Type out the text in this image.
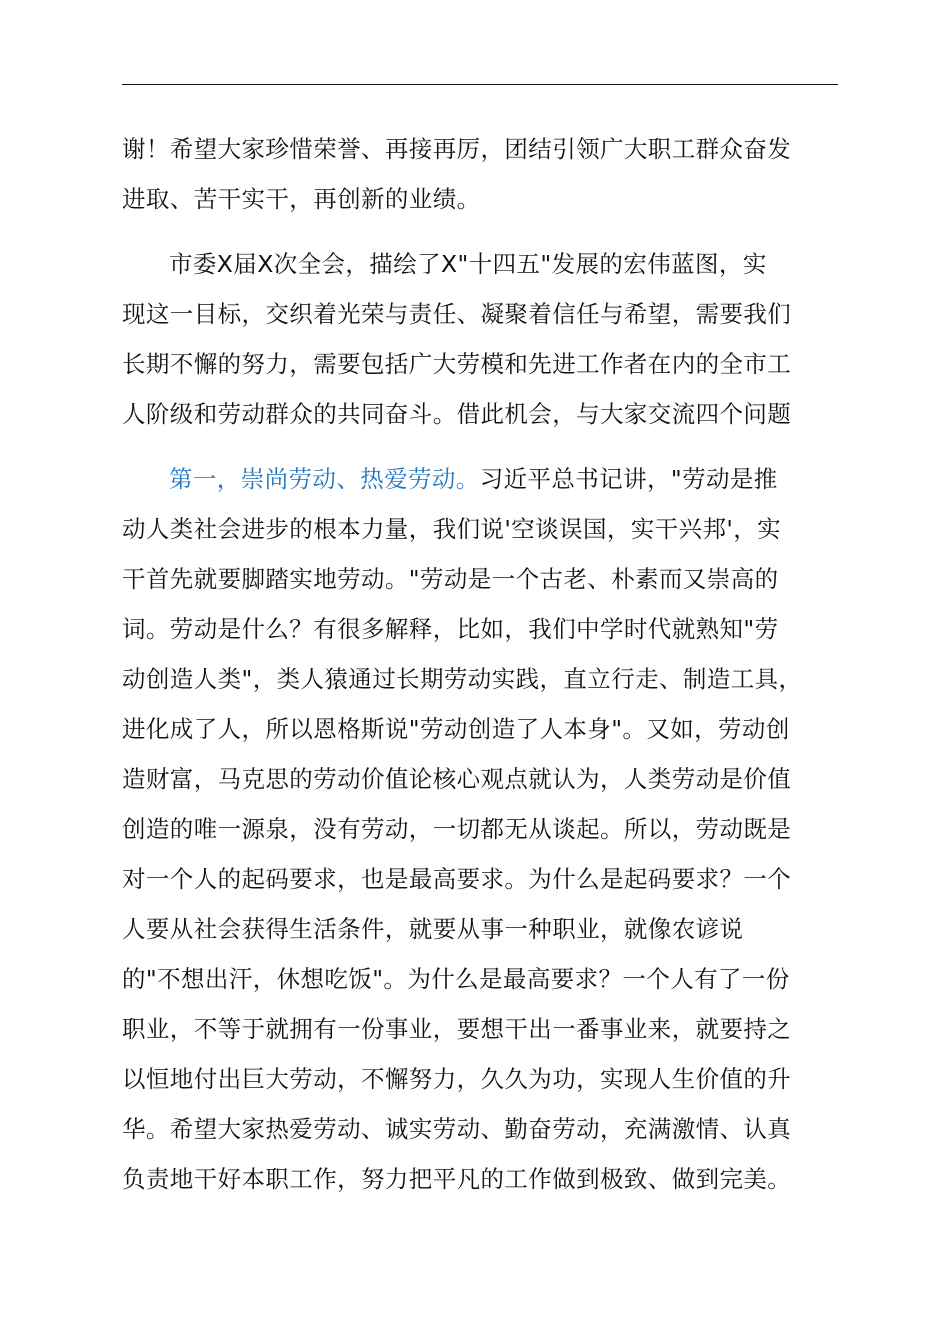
谢！希望大家珍惜荣誉、再接再厉，团结引领广大职工群众奋发
进取、苦干实干，再创新的业绩。
市委Ⅹ届Ⅹ次全会，描绘了Ⅹ"十四五"发展的宏伟蓝图，实
现这一目标，交织着光荣与责任、凝聚着信任与希望，需要我们
长期不懈的努力，需要包括广大劳模和先进工作者在内的全市工
人阶级和劳动群众的共同奋斗。借此机会，与大家交流四个问题
第一，崇尚劳动、热爱劳动。习近平总书记讲，"劳动是推
动人类社会进步的根本力量，我们说'空谈误国，实干兴邦'，实
干首先就要脚踏实地劳动。"劳动是一个古老、朴素而又崇高的
词。劳动是什么？有很多解释，比如，我们中学时代就熟知"劳
动创造人类"，类人猿通过长期劳动实践，直立行走、制造工具，
进化成了人，所以恩格斯说"劳动创造了人本身"。又如，劳动创
造财富，马克思的劳动价值论核心观点就认为，人类劳动是价值
创造的唯一源泉，没有劳动，一切都无从谈起。所以，劳动既是
对一个人的起码要求，也是最高要求。为什么是起码要求？一个
人要从社会获得生活条件，就要从事一种职业，就像农谚说
的"不想出汗，休想吃饭"。为什么是最高要求？一个人有了一份
职业，不等于就拥有一份事业，要想干出一番事业来，就要持之
以恒地付出巨大劳动，不懈努力，久久为功，实现人生价值的升
华。希望大家热爱劳动、诚实劳动、勤奋劳动，充满激情、认真
负责地干好本职工作，努力把平凡的工作做到极致、做到完美。
